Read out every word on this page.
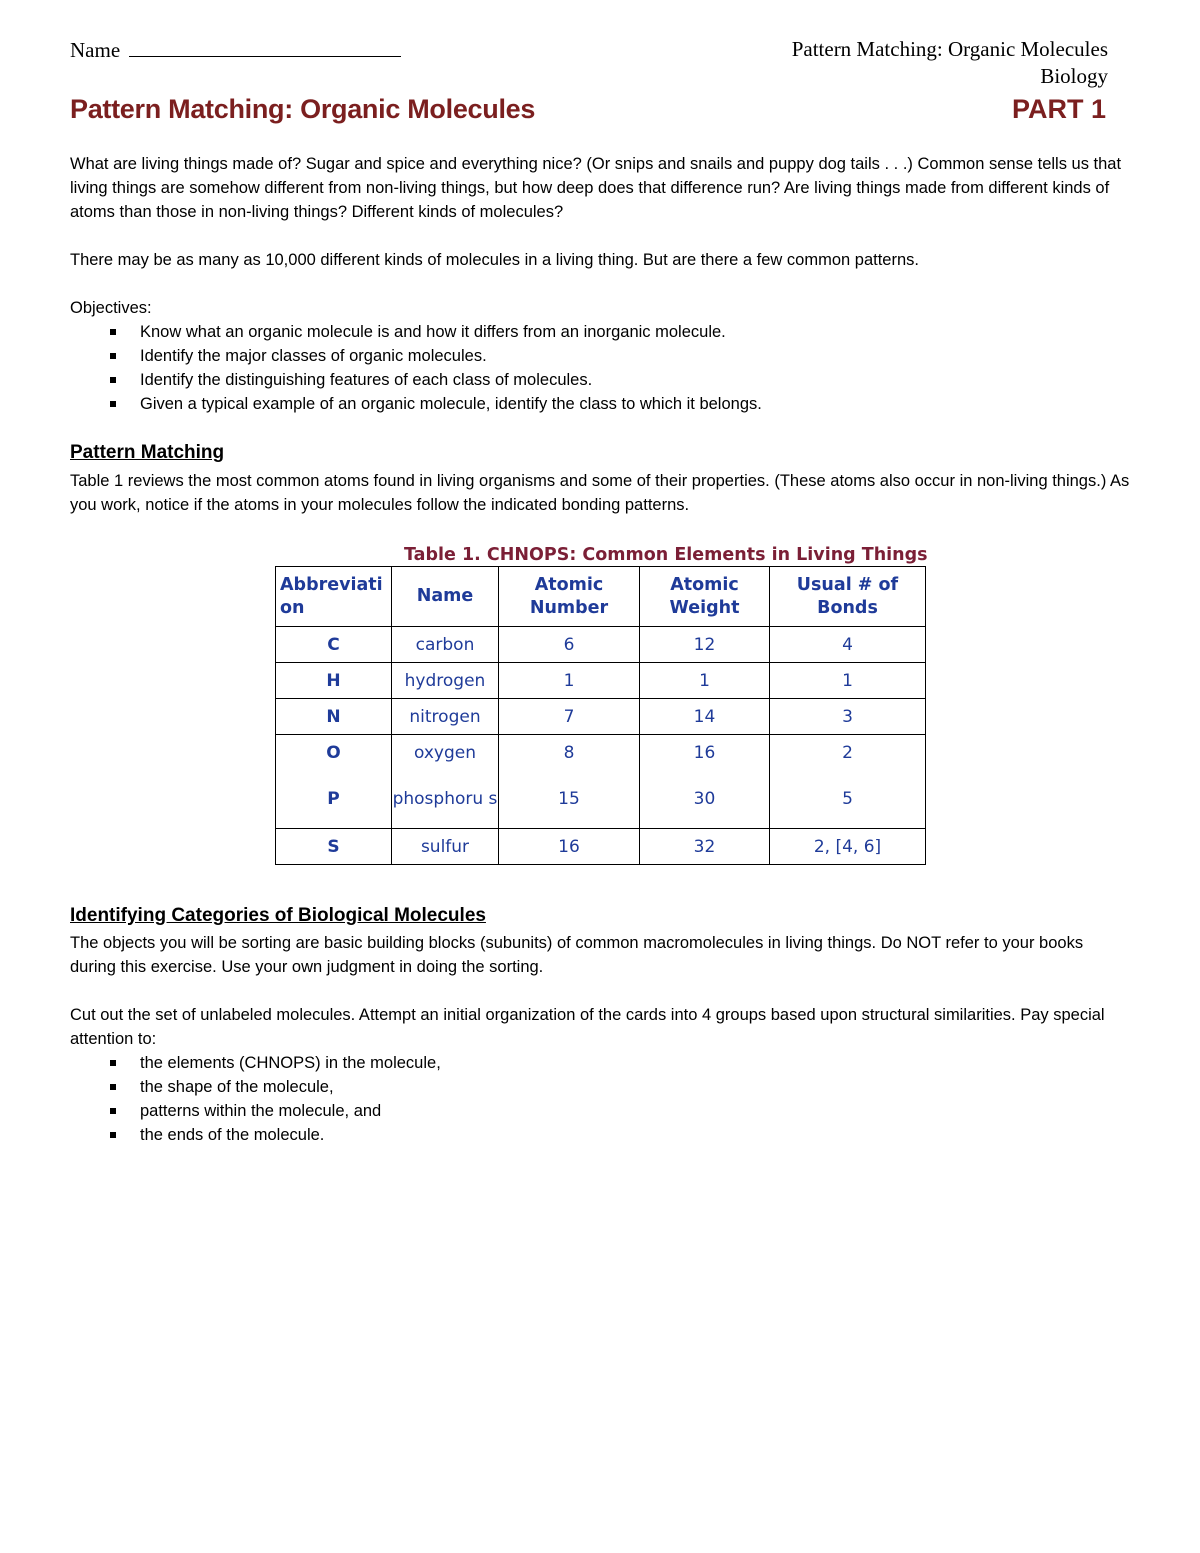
Name	Pattern Matching: Organic Molecules
Biology
Pattern Matching: Organic Molecules	PART 1
What are living things made of? Sugar and spice and everything nice? (Or snips and snails and puppy dog tails . . .) Common sense tells us that living things are somehow different from non-living things, but how deep does that difference run? Are living things made from different kinds of atoms than those in non-living things? Different kinds of molecules?
There may be as many as 10,000 different kinds of molecules in a living thing. But are there a few common patterns.
Objectives:
Know what an organic molecule is and how it differs from an inorganic molecule.
Identify the major classes of organic molecules.
Identify the distinguishing features of each class of molecules.
Given a typical example of an organic molecule, identify the class to which it belongs.
Pattern Matching
Table 1 reviews the most common atoms found in living organisms and some of their properties. (These atoms also occur in non-living things.) As you work, notice if the atoms in your molecules follow the indicated bonding patterns.
Table 1. CHNOPS: Common Elements in Living Things
Abbreviati on	Name	Atomic Number	Atomic Weight	Usual # of Bonds
C	carbon	6	12	4
H	hydrogen	1	1	1
N	nitrogen	7	14	3
O	oxygen	8	16	2
P	phosphoru s	15	30	5
S	sulfur	16	32	2, [4, 6]
Identifying Categories of Biological Molecules
The objects you will be sorting are basic building blocks (subunits) of common macromolecules in living things. Do NOT refer to your books during this exercise. Use your own judgment in doing the sorting.
Cut out the set of unlabeled molecules. Attempt an initial organization of the cards into 4 groups based upon structural similarities. Pay special attention to:
the elements (CHNOPS) in the molecule,
the shape of the molecule,
patterns within the molecule, and
the ends of the molecule.
